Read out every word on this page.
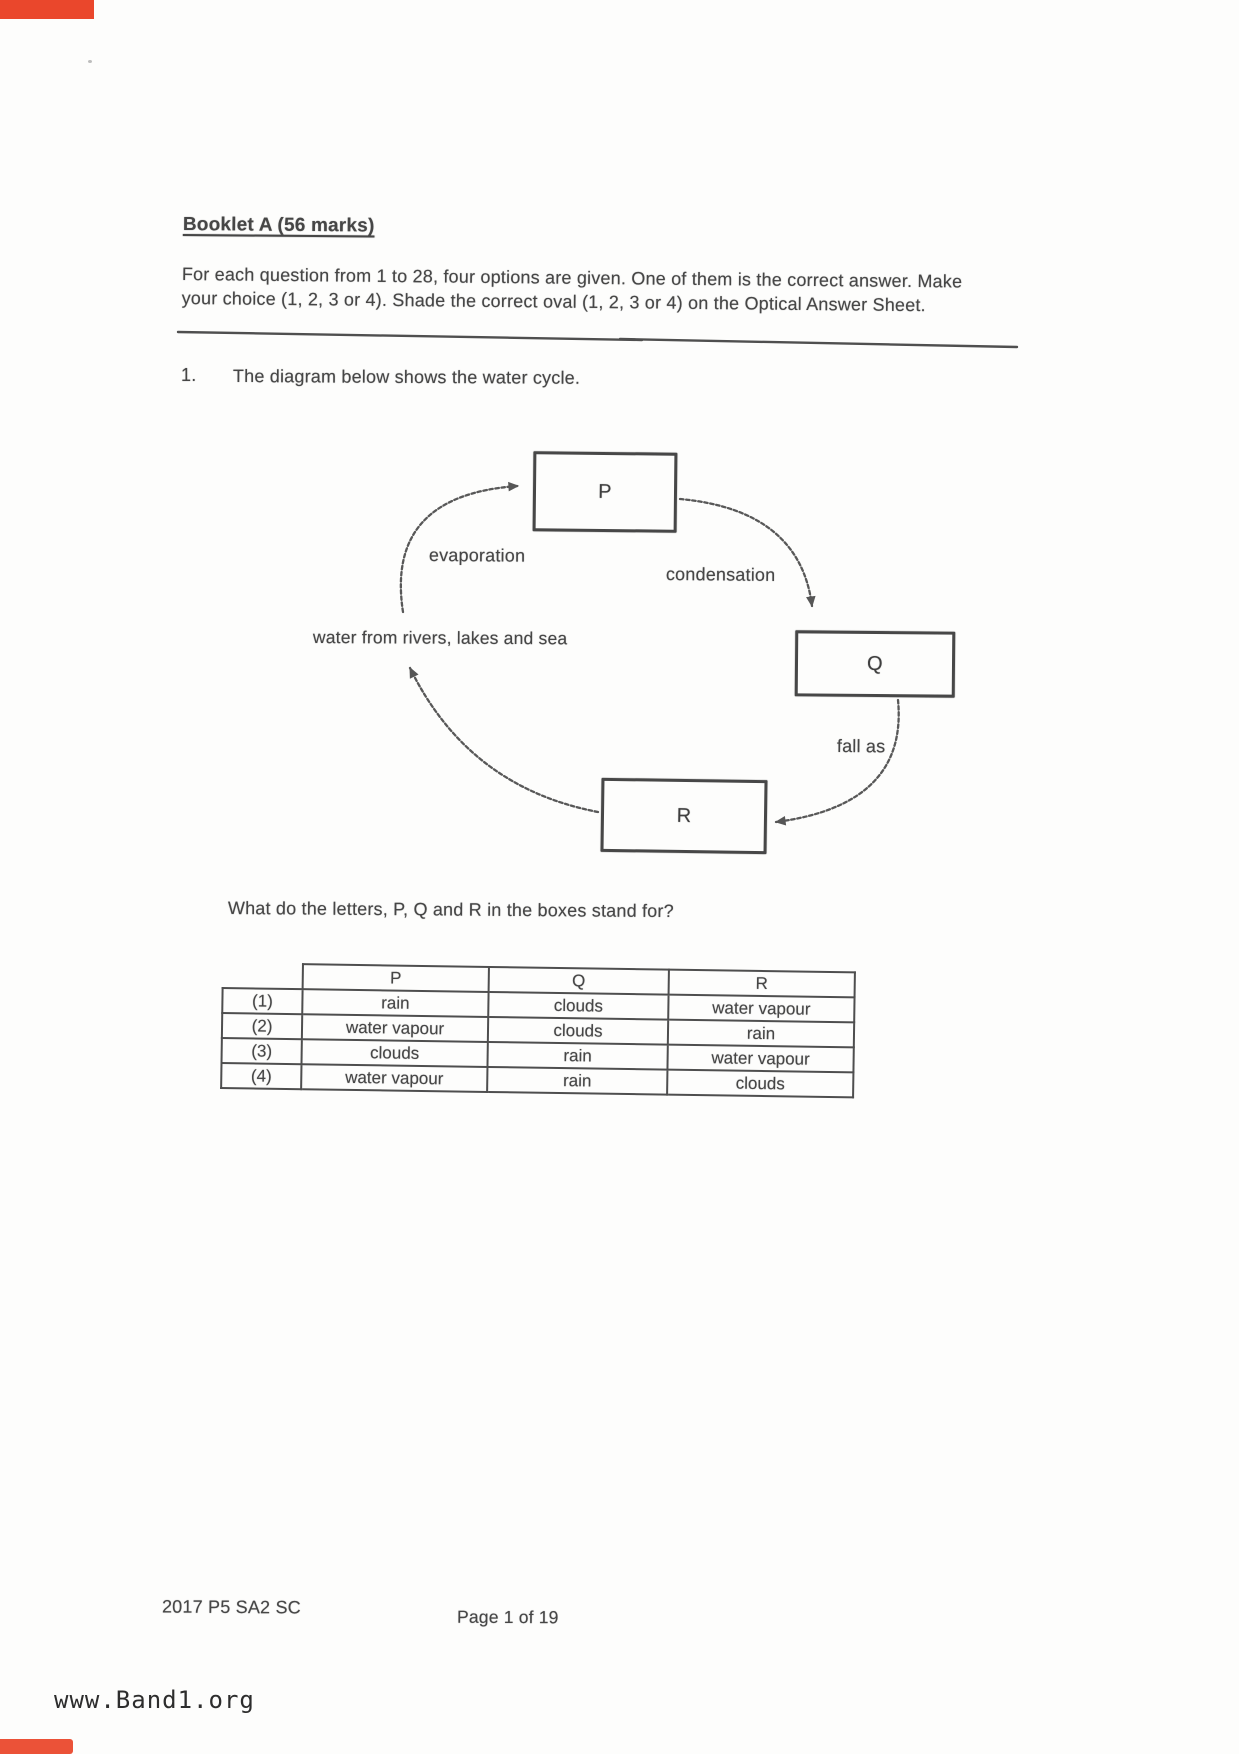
Booklet A (56 marks)
For each question from 1 to 28, four options are given. One of them is the correct answer. Make
your choice (1, 2, 3 or 4). Shade the correct oval (1, 2, 3 or 4) on the Optical Answer Sheet.
1. The diagram below shows the water cycle.
P
Q
R
evaporation
condensation
water from rivers, lakes and sea
fall as
What do the letters, P, Q and R in the boxes stand for?
	P	Q	R
(1)	rain	clouds	water vapour
(2)	water vapour	clouds	rain
(3)	clouds	rain	water vapour
(4)	water vapour	rain	clouds
2017 P5 SA2 SC	Page 1 of 19
www.Band1.org
